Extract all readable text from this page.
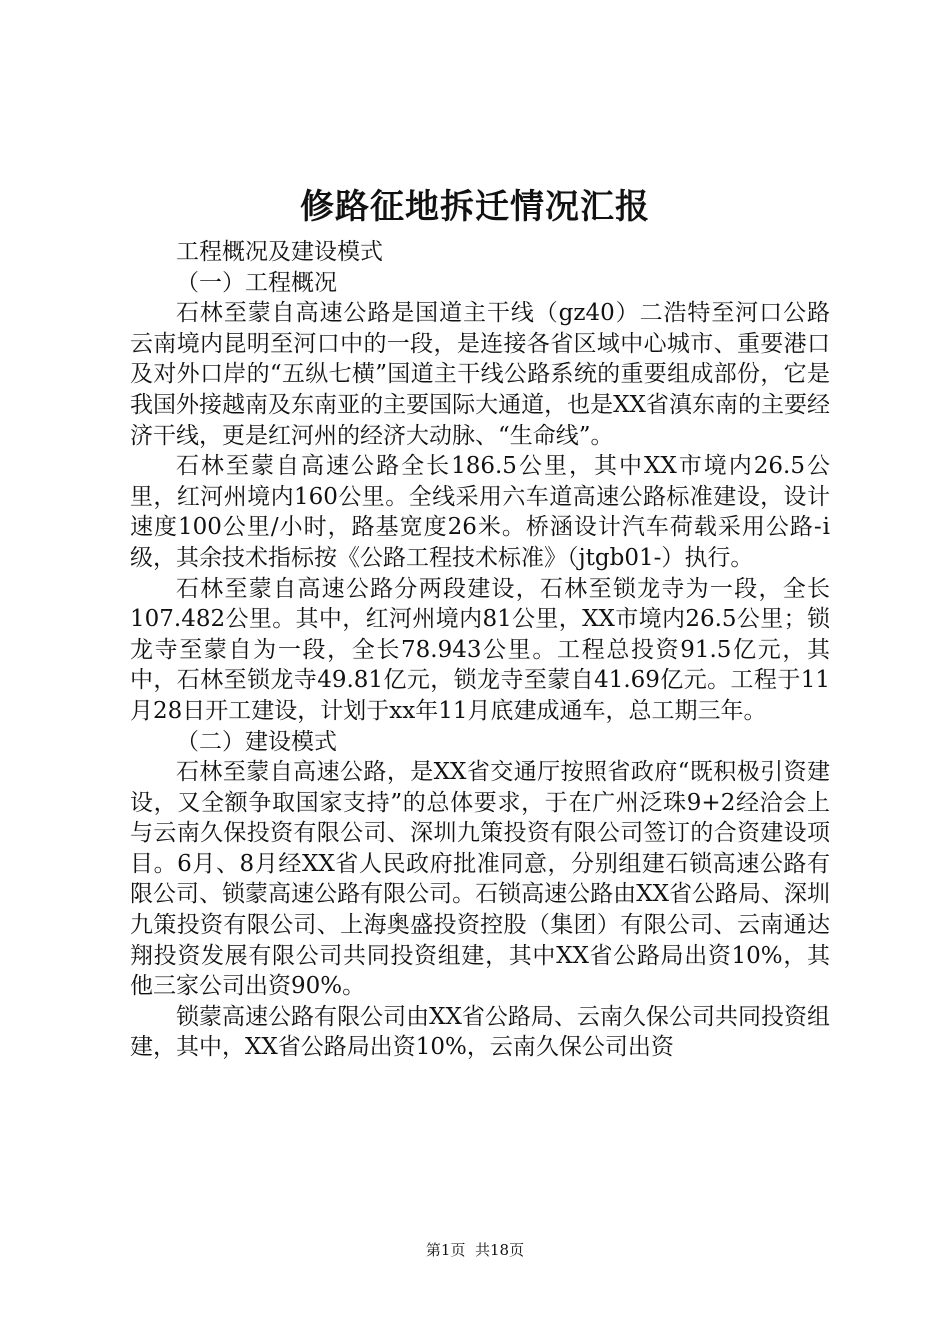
修路征地拆迁情况汇报

工程概况及建设模式

（一）工程概况

石林至蒙自高速公路是国道主干线（gz40）二浩特至河口公路云南境内昆明至河口中的一段，是连接各省区域中心城市、重要港口及对外口岸的“五纵七横”国道主干线公路系统的重要组成部份，它是我国外接越南及东南亚的主要国际大通道，也是XX省滇东南的主要经济干线，更是红河州的经济大动脉、“生命线”。

石林至蒙自高速公路全长186.5公里，其中XX市境内26.5公里，红河州境内160公里。全线采用六车道高速公路标准建设，设计速度100公里/小时，路基宽度26米。桥涵设计汽车荷载采用公路-ⅰ级，其余技术指标按《公路工程技术标准》（jtgb01-）执行。

石林至蒙自高速公路分两段建设，石林至锁龙寺为一段，全长107.482公里。其中，红河州境内81公里，XX市境内26.5公里；锁龙寺至蒙自为一段，全长78.943公里。工程总投资91.5亿元，其中，石林至锁龙寺49.81亿元，锁龙寺至蒙自41.69亿元。工程于11月28日开工建设，计划于xx年11月底建成通车，总工期三年。

（二）建设模式

石林至蒙自高速公路，是XX省交通厅按照省政府“既积极引资建设，又全额争取国家支持”的总体要求，于在广州泛珠9+2经洽会上与云南久保投资有限公司、深圳九策投资有限公司签订的合资建设项目。6月、8月经XX省人民政府批准同意，分别组建石锁高速公路有限公司、锁蒙高速公路有限公司。石锁高速公路由XX省公路局、深圳九策投资有限公司、上海奥盛投资控股（集团）有限公司、云南通达翔投资发展有限公司共同投资组建，其中XX省公路局出资10%，其他三家公司出资90%。

锁蒙高速公路有限公司由XX省公路局、云南久保公司共同投资组建，其中，XX省公路局出资10%，云南久保公司出资

第1页 共18页
